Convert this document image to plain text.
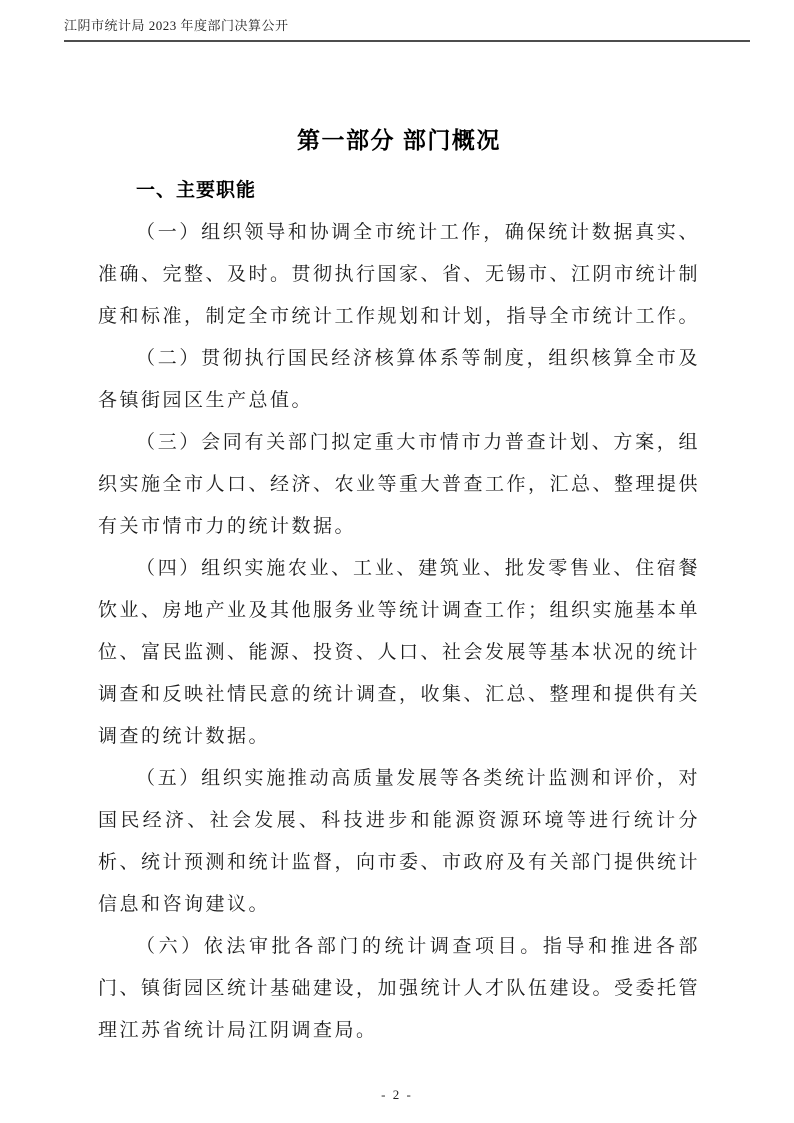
江阴市统计局 2023 年度部门决算公开
第一部分 部门概况
一、主要职能

（一）组织领导和协调全市统计工作，确保统计数据真实、准确、完整、及时。贯彻执行国家、省、无锡市、江阴市统计制度和标准，制定全市统计工作规划和计划，指导全市统计工作。

（二）贯彻执行国民经济核算体系等制度，组织核算全市及各镇街园区生产总值。

（三）会同有关部门拟定重大市情市力普查计划、方案，组织实施全市人口、经济、农业等重大普查工作，汇总、整理提供有关市情市力的统计数据。

（四）组织实施农业、工业、建筑业、批发零售业、住宿餐饮业、房地产业及其他服务业等统计调查工作；组织实施基本单位、富民监测、能源、投资、人口、社会发展等基本状况的统计调查和反映社情民意的统计调查，收集、汇总、整理和提供有关调查的统计数据。

（五）组织实施推动高质量发展等各类统计监测和评价，对国民经济、社会发展、科技进步和能源资源环境等进行统计分析、统计预测和统计监督，向市委、市政府及有关部门提供统计信息和咨询建议。

（六）依法审批各部门的统计调查项目。指导和推进各部门、镇街园区统计基础建设，加强统计人才队伍建设。受委托管理江苏省统计局江阴调查局。

- 2 -
